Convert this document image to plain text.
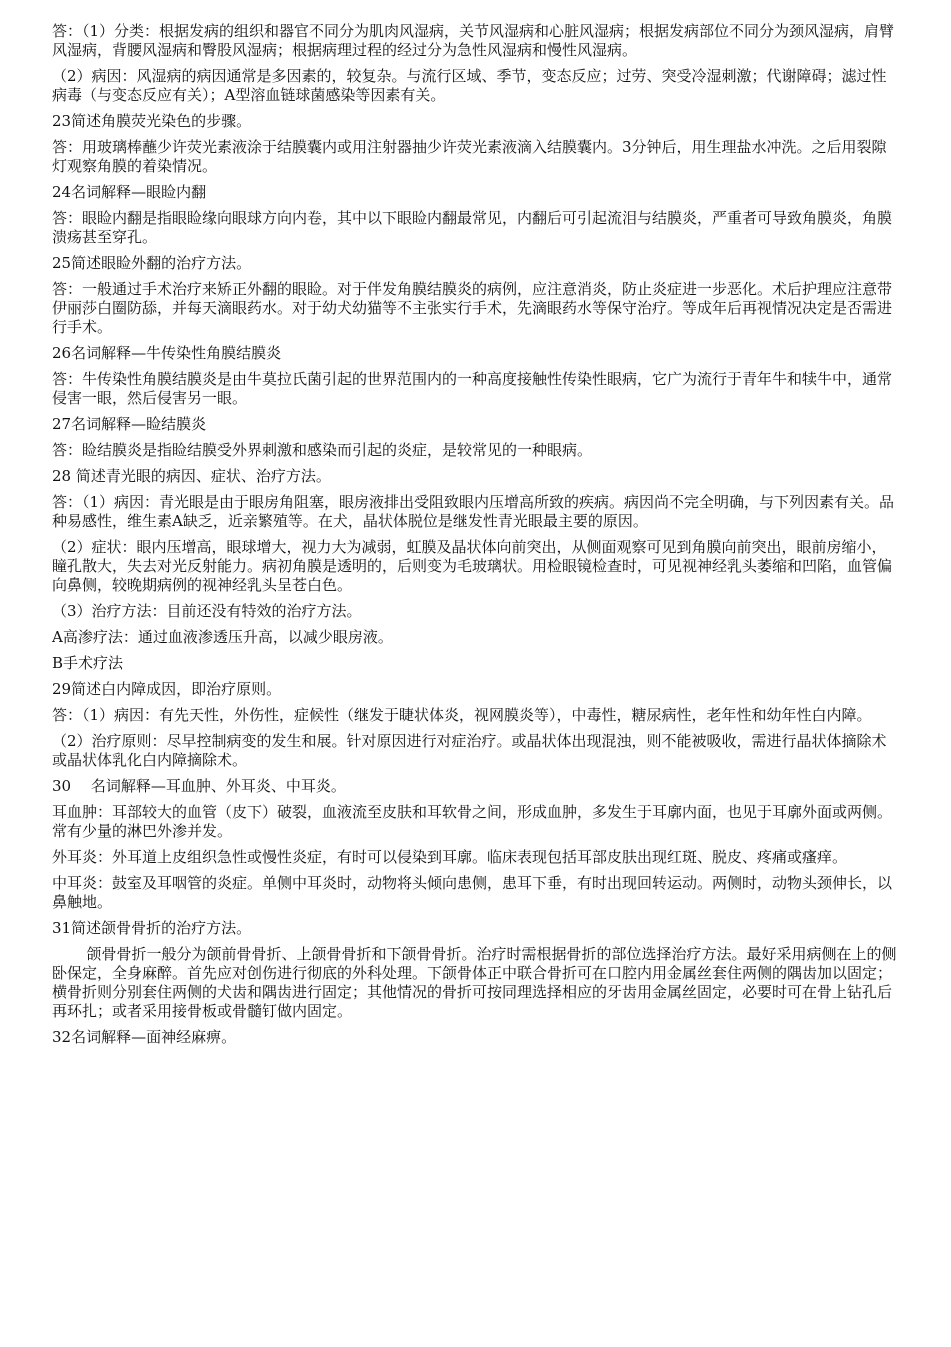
答：（1）分类：根据发病的组织和器官不同分为肌肉风湿病，关节风湿病和心脏风湿病；根据发病部位不同分为颈风湿病，肩臂风湿病，背腰风湿病和臀股风湿病；根据病理过程的经过分为急性风湿病和慢性风湿病。

（2）病因：风湿病的病因通常是多因素的，较复杂。与流行区域、季节，变态反应；过劳、突受冷湿刺激；代谢障碍；滤过性病毒（与变态反应有关）；A型溶血链球菌感染等因素有关。

23简述角膜荧光染色的步骤。

答：用玻璃棒蘸少许荧光素液涂于结膜囊内或用注射器抽少许荧光素液滴入结膜囊内。3分钟后，用生理盐水冲洗。之后用裂隙灯观察角膜的着染情况。

24名词解释—眼睑内翻

答：眼睑内翻是指眼睑缘向眼球方向内卷，其中以下眼睑内翻最常见，内翻后可引起流泪与结膜炎，严重者可导致角膜炎，角膜溃疡甚至穿孔。

25简述眼睑外翻的治疗方法。

答：一般通过手术治疗来矫正外翻的眼睑。对于伴发角膜结膜炎的病例，应注意消炎，防止炎症进一步恶化。术后护理应注意带伊丽莎白圈防舔，并每天滴眼药水。对于幼犬幼猫等不主张实行手术，先滴眼药水等保守治疗。等成年后再视情况决定是否需进行手术。

26名词解释—牛传染性角膜结膜炎

答：牛传染性角膜结膜炎是由牛莫拉氏菌引起的世界范围内的一种高度接触性传染性眼病，它广为流行于青年牛和犊牛中，通常侵害一眼，然后侵害另一眼。

27名词解释—睑结膜炎

答：睑结膜炎是指睑结膜受外界刺激和感染而引起的炎症，是较常见的一种眼病。

28 简述青光眼的病因、症状、治疗方法。

答：（1）病因：青光眼是由于眼房角阻塞，眼房液排出受阻致眼内压增高所致的疾病。病因尚不完全明确，与下列因素有关。品种易感性，维生素A缺乏，近亲繁殖等。在犬，晶状体脱位是继发性青光眼最主要的原因。

（2）症状：眼内压增高，眼球增大，视力大为减弱，虹膜及晶状体向前突出，从侧面观察可见到角膜向前突出，眼前房缩小，瞳孔散大，失去对光反射能力。病初角膜是透明的，后则变为毛玻璃状。用检眼镜检查时，可见视神经乳头萎缩和凹陷，血管偏向鼻侧，较晚期病例的视神经乳头呈苍白色。

（3）治疗方法：目前还没有特效的治疗方法。

A高渗疗法：通过血液渗透压升高，以减少眼房液。

B手术疗法

29简述白内障成因，即治疗原则。

答：（1）病因：有先天性，外伤性，症候性（继发于睫状体炎，视网膜炎等），中毒性，糖尿病性，老年性和幼年性白内障。

（2）治疗原则：尽早控制病变的发生和展。针对原因进行对症治疗。或晶状体出现混浊，则不能被吸收，需进行晶状体摘除术或晶状体乳化白内障摘除术。

30　 名词解释—耳血肿、外耳炎、中耳炎。

耳血肿：耳部较大的血管（皮下）破裂，血液流至皮肤和耳软骨之间，形成血肿，多发生于耳廓内面，也见于耳廓外面或两侧。常有少量的淋巴外渗并发。

外耳炎：外耳道上皮组织急性或慢性炎症，有时可以侵染到耳廓。临床表现包括耳部皮肤出现红斑、脱皮、疼痛或瘙痒。

中耳炎：鼓室及耳咽管的炎症。单侧中耳炎时，动物将头倾向患侧，患耳下垂，有时出现回转运动。两侧时，动物头颈伸长，以鼻触地。

31简述颌骨骨折的治疗方法。

颌骨骨折一般分为颌前骨骨折、上颌骨骨折和下颌骨骨折。治疗时需根据骨折的部位选择治疗方法。最好采用病侧在上的侧卧保定，全身麻醉。首先应对创伤进行彻底的外科处理。下颌骨体正中联合骨折可在口腔内用金属丝套住两侧的隅齿加以固定；横骨折则分别套住两侧的犬齿和隅齿进行固定；其他情况的骨折可按同理选择相应的牙齿用金属丝固定，必要时可在骨上钻孔后再环扎；或者采用接骨板或骨髓钉做内固定。

32名词解释—面神经麻痹。
